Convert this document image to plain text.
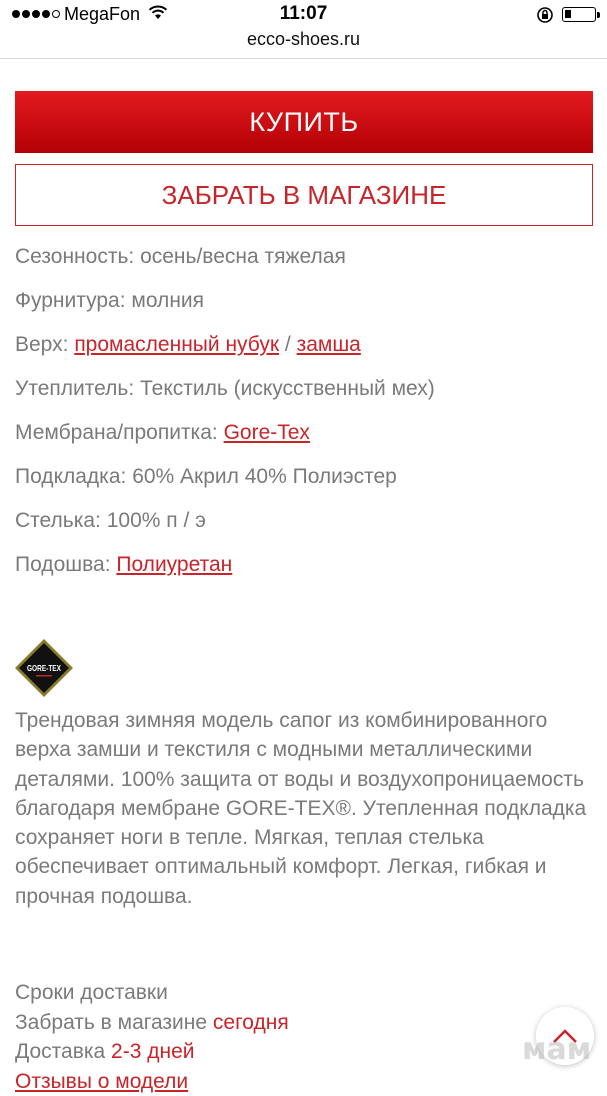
MegaFon	11:07
ecco-shoes.ru
КУПИТЬ
ЗАБРАТЬ В МАГАЗИНЕ
Сезонность: осень/весна тяжелая
Фурнитура: молния
Верх: промасленный нубук / замша
Утеплитель: Текстиль (искусственный мех)
Мембрана/пропитка: Gore-Tex
Подкладка: 60% Акрил 40% Полиэстер
Стелька: 100% п / э
Подошва: Полиуретан
GORE-TEX
Трендовая зимняя модель сапог из комбинированного верха замши и текстиля с модными металлическими деталями. 100% защита от воды и воздухопроницаемость благодаря мембране GORE-TEX®. Утепленная подкладка сохраняет ноги в тепле. Мягкая, теплая стелька обеспечивает оптимальный комфорт. Легкая, гибкая и прочная подошва.
Сроки доставки
Забрать в магазине сегодня
Доставка 2-3 дней
Отзывы о модели
мам
